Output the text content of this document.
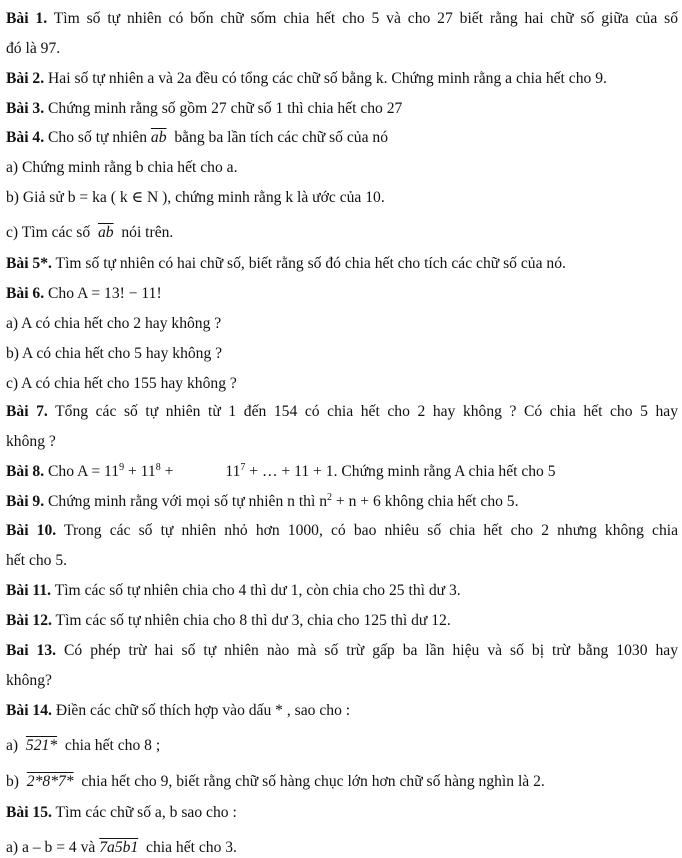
Bài 1. Tìm số tự nhiên có bốn chữ sốm chia hết cho 5 và cho 27 biết rằng hai chữ số giữa của số
đó là 97.
Bài 2. Hai số tự nhiên a và 2a đều có tổng các chữ số bằng k. Chứng minh rằng a chia hết cho 9.
Bài 3. Chứng minh rằng số gồm 27 chữ số 1 thì chia hết cho 27
Bài 4. Cho số tự nhiên $\overline{ab}$ bằng ba lần tích các chữ số của nó
a) Chứng minh rằng b chia hết cho a.
b) Giả sử b = ka ( k ∈ N ), chứng minh rằng k là ước của 10.
c) Tìm các số $\overline{ab}$ nói trên.
Bài 5*. Tìm số tự nhiên có hai chữ số, biết rằng số đó chia hết cho tích các chữ số của nó.
Bài 6. Cho A = 13! − 11!
a) A có chia hết cho 2 hay không ?
b) A có chia hết cho 5 hay không ?
c) A có chia hết cho 155 hay không ?
Bài 7. Tổng các số tự nhiên từ 1 đến 154 có chia hết cho 2 hay không ? Có chia hết cho 5 hay
không ?
Bài 8. Cho $A = 11^9 + 11^8$ +	$11^7$ + … + 11 + 1. Chứng minh rằng A chia hết cho 5
Bài 9. Chứng minh rằng với mọi số tự nhiên n thì $n^2 + n + 6$ không chia hết cho 5.
Bài 10. Trong các số tự nhiên nhỏ hơn 1000, có bao nhiêu số chia hết cho 2 nhưng không chia
hết cho 5.
Bài 11. Tìm các số tự nhiên chia cho 4 thì dư 1, còn chia cho 25 thì dư 3.
Bài 12. Tìm các số tự nhiên chia cho 8 thì dư 3, chia cho 125 thì dư 12.
Bai 13. Có phép trừ hai số tự nhiên nào mà số trừ gấp ba lần hiệu và số bị trừ bằng 1030 hay
không?
Bài 14. Điền các chữ số thích hợp vào dấu * , sao cho :
a) 521* chia hết cho 8 ;
b) 2*8*7* chia hết cho 9, biết rằng chữ số hàng chục lớn hơn chữ số hàng nghìn là 2.
Bài 15. Tìm các chữ số a, b sao cho :
a) a – b = 4 và 7a5b1 chia hết cho 3.
